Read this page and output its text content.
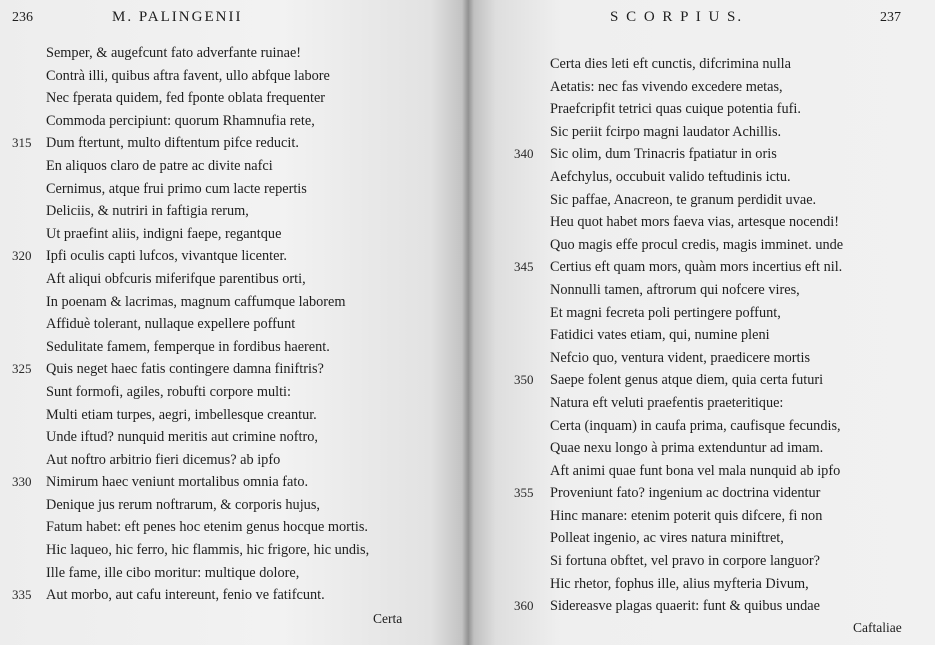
236	M. PALINGENII
Semper, & augefcunt fato adverfante ruinae!
Contrà illi, quibus aftra favent, ullo abfque labore
Nec fperata quidem, fed fponte oblata frequenter
Commoda percipiunt: quorum Rhamnufia rete,
315 Dum ftertunt, multo diftentum pifce reducit.
En aliquos claro de patre ac divite nafci
Cernimus, atque frui primo cum lacte repertis
Deliciis, & nutriri in faftigia rerum,
Ut praefint aliis, indigni faepe, regantque
320 Ipfi oculis capti lufcos, vivantque licenter.
Aft aliqui obfcuris miferifque parentibus orti,
In poenam & lacrimas, magnum caffumque laborem
Affiduè tolerant, nullaque expellere poffunt
Sedulitate famem, femperque in fordibus haerent.
325 Quis neget haec fatis contingere damna finiftris?
Sunt formofi, agiles, robufti corpore multi:
Multi etiam turpes, aegri, imbellesque creantur.
Unde iftud? nunquid meritis aut crimine noftro,
Aut noftro arbitrio fieri dicemus? ab ipfo
330 Nimirum haec veniunt mortalibus omnia fato.
Denique jus rerum noftrarum, & corporis hujus,
Fatum habet: eft penes hoc etenim genus hocque mortis.
Hic laqueo, hic ferro, hic flammis, hic frigore, hic undis,
Ille fame, ille cibo moritur: multique dolore,
335 Aut morbo, aut cafu intereunt, fenio ve fatifcunt.
Certa
S C O R P I U S.	237
Certa dies leti eft cunctis, difcrimina nulla
Aetatis: nec fas vivendo excedere metas,
Praefcripfit tetrici quas cuique potentia fufi.
Sic periit fcirpo magni laudator Achillis.
340 Sic olim, dum Trinacris fpatiatur in oris
Aefchylus, occubuit valido teftudinis ictu.
Sic paffae, Anacreon, te granum perdidit uvae.
Heu quot habet mors faeva vias, artesque nocendi!
Quo magis effe procul credis, magis imminet. unde
345 Certius eft quam mors, quàm mors incertius eft nil.
Nonnulli tamen, aftrorum qui nofcere vires,
Et magni fecreta poli pertingere poffunt,
Fatidici vates etiam, qui, numine pleni
Nefcio quo, ventura vident, praedicere mortis
350 Saepe folent genus atque diem, quia certa futuri
Natura eft veluti praefentis praeteritique:
Certa (inquam) in caufa prima, caufisque fecundis,
Quae nexu longo à prima extenduntur ad imam.
Aft animi quae funt bona vel mala nunquid ab ipfo
355 Proveniunt fato? ingenium ac doctrina videntur
Hinc manare: etenim poterit quis difcere, fi non
Polleat ingenio, ac vires natura miniftret,
Si fortuna obftet, vel pravo in corpore languor?
Hic rhetor, fophus ille, alius myfteria Divum,
360 Sidereasve plagas quaerit: funt & quibus undae
Caftaliae
